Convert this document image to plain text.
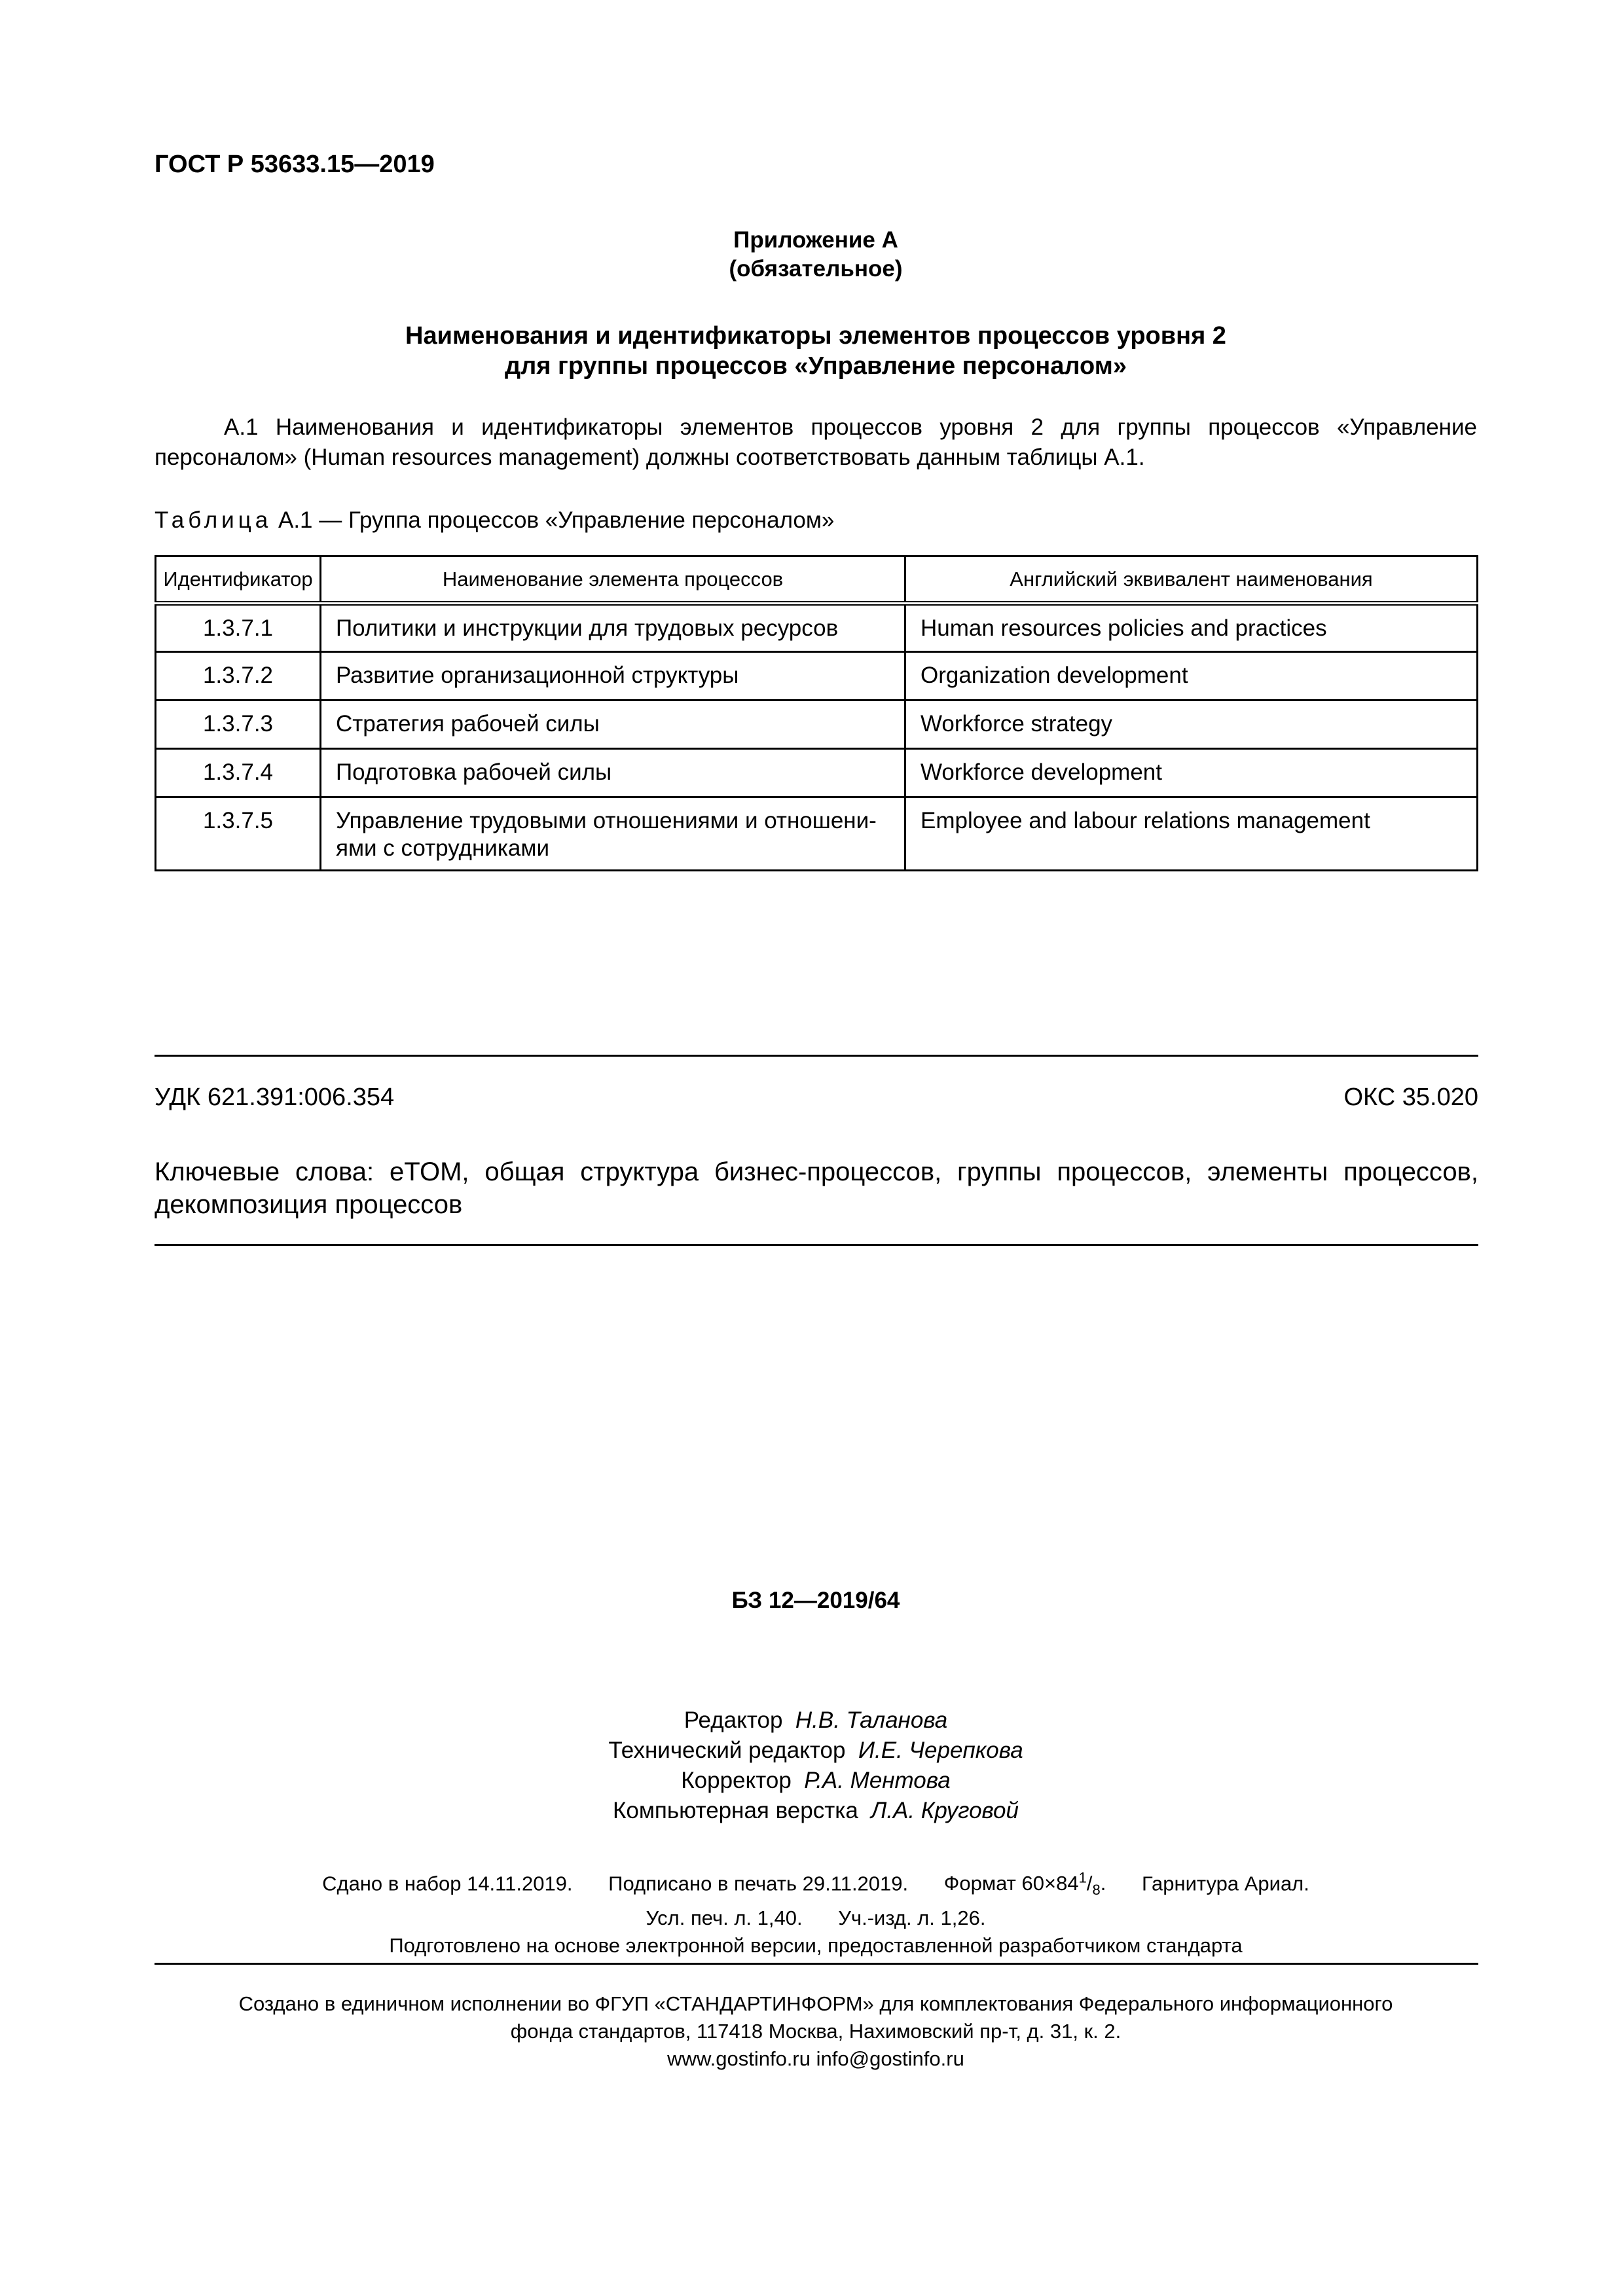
ГОСТ Р 53633.15—2019
Приложение А
(обязательное)
Наименования и идентификаторы элементов процессов уровня 2
для группы процессов «Управление персоналом»
А.1 Наименования и идентификаторы элементов процессов уровня 2 для группы процессов «Управление персоналом» (Human resources management) должны соответствовать данным таблицы А.1.
Таблица А.1 — Группа процессов «Управление персоналом»
Идентификатор	Наименование элемента процессов	Английский эквивалент наименования
1.3.7.1	Политики и инструкции для трудовых ресурсов	Human resources policies and practices
1.3.7.2	Развитие организационной структуры	Organization development
1.3.7.3	Стратегия рабочей силы	Workforce strategy
1.3.7.4	Подготовка рабочей силы	Workforce development
1.3.7.5	Управление трудовыми отношениями и отношени-ями с сотрудниками	Employee and labour relations management
УДК 621.391:006.354	ОКС 35.020
Ключевые слова: eTOM, общая структура бизнес-процессов, группы процессов, элементы процессов, декомпозиция процессов
БЗ 12—2019/64
Редактор Н.В. Таланова
Технический редактор И.Е. Черепкова
Корректор Р.А. Ментова
Компьютерная верстка Л.А. Круговой
Сдано в набор 14.11.2019. Подписано в печать 29.11.2019. Формат $60\times 84^1/_8$. Гарнитура Ариал.
Усл. печ. л. 1,40. Уч.-изд. л. 1,26.
Подготовлено на основе электронной версии, предоставленной разработчиком стандарта
Создано в единичном исполнении во ФГУП «СТАНДАРТИНФОРМ» для комплектования Федерального информационного
фонда стандартов, 117418 Москва, Нахимовский пр-т, д. 31, к. 2.
www.gostinfo.ru info@gostinfo.ru
